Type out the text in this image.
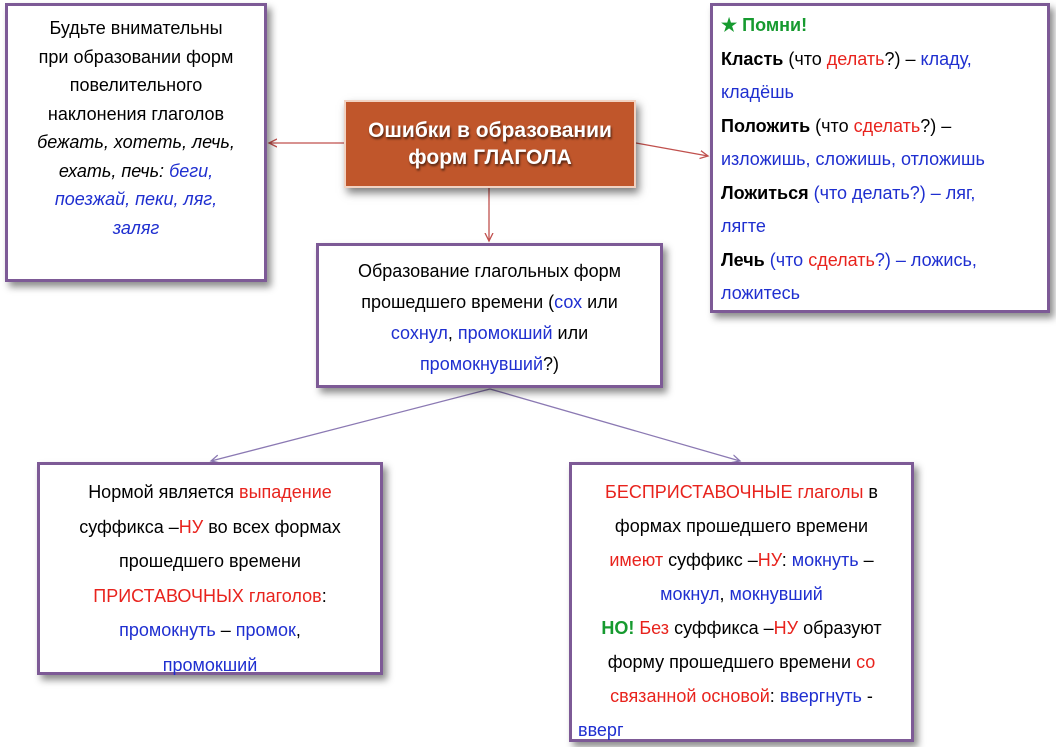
Ошибки в образовании
форм ГЛАГОЛА

Будьте внимательны

при образовании форм

повелительного

наклонения глаголов

бежать, хотеть, лечь,

ехать, печь: беги,

поезжай, пеки, ляг,

заляг

★ Помни!

Класть (что делать?) – кладу,

кладёшь

Положить (что сделать?) –

изложишь, сложишь, отложишь

Ложиться (что делать?) – ляг,

лягте

Лечь (что сделать?) – ложись,

ложитесь

Образование глагольных форм

прошедшего времени (сох или

сохнул, промокший или

промокнувший?)

Нормой является выпадение

суффикса –НУ во всех формах

прошедшего времени

ПРИСТАВОЧНЫХ глаголов:

промокнуть – промок,

промокший

БЕСПРИСТАВОЧНЫЕ глаголы в

формах прошедшего времени

имеют суффикс –НУ: мокнуть –

мокнул, мокнувший

НО! Без суффикса –НУ образуют

форму прошедшего времени со

связанной основой: ввергнуть -

вверг
